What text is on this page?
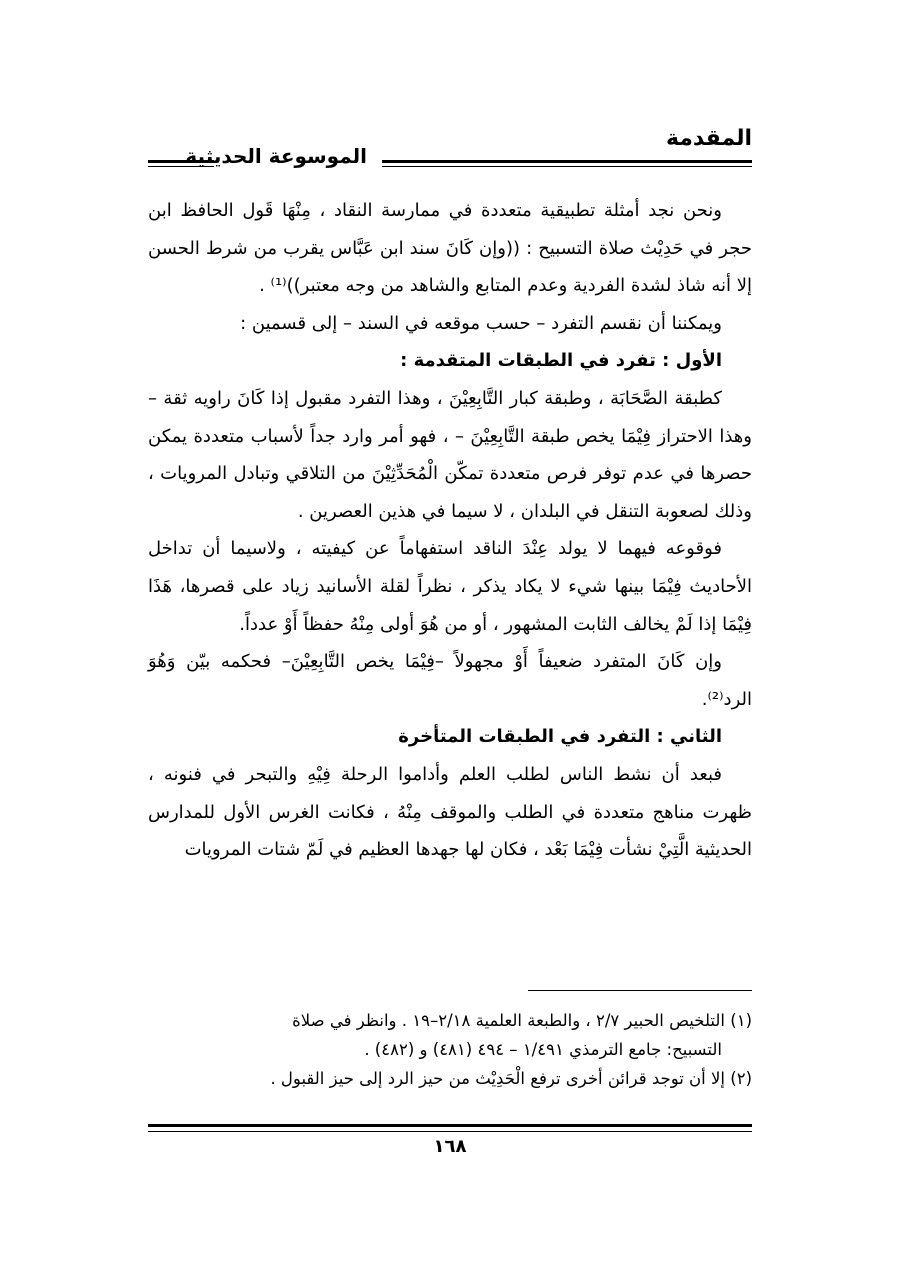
المقدمة
الموسوعة الحديثية

ونحن نجد أمثلة تطبيقية متعددة في ممارسة النقاد ، مِنْهَا قَول الحافظ ابن حجر في حَدِيْث صلاة التسبيح : ((وإن كَانَ سند ابن عَبَّاس يقرب من شرط الحسن إلا أنه شاذ لشدة الفردية وعدم المتابع والشاهد من وجه معتبر))⁽¹⁾ .

ويمكننا أن نقسم التفرد – حسب موقعه في السند – إلى قسمين :

الأول : تفرد في الطبقات المتقدمة :

كطبقة الصَّحَابَة ، وطبقة كبار التَّابِعِيْنَ ، وهذا التفرد مقبول إذا كَانَ راويه ثقة – وهذا الاحتراز فِيْمَا يخص طبقة التَّابِعِيْنَ – ، فهو أمر وارد جداً لأسباب متعددة يمكن حصرها في عدم توفر فرص متعددة تمكّن الْمُحَدِّثِيْنَ من التلاقي وتبادل المرويات ، وذلك لصعوبة التنقل في البلدان ، لا سيما في هذين العصرين .

فوقوعه فيهما لا يولد عِنْدَ الناقد استفهاماً عن كيفيته ، ولاسيما أن تداخل الأحاديث فِيْمَا بينها شيء لا يكاد يذكر ، نظراً لقلة الأسانيد زياد على قصرها، هَذَا فِيْمَا إذا لَمْ يخالف الثابت المشهور ، أو من هُوَ أولى مِنْهُ حفظاً أَوْ عدداً.

وإن كَانَ المتفرد ضعيفاً أَوْ مجهولاً –فِيْمَا يخص التَّابِعِيْنَ– فحكمه بيّن وَهُوَ الرد⁽²⁾.

الثاني : التفرد في الطبقات المتأخرة

فبعد أن نشط الناس لطلب العلم وأداموا الرحلة فِيْهِ والتبحر في فنونه ، ظهرت مناهج متعددة في الطلب والموقف مِنْهُ ، فكانت الغرس الأول للمدارس الحديثية الَّتِيْ نشأت فِيْمَا بَعْد ، فكان لها جهدها العظيم في لَمّ شتات المرويات

(١) التلخيص الحبير ٢/٧ ، والطبعة العلمية ٢/١٨–١٩ . وانظر في صلاة

التسبيح: جامع الترمذي ١/٤٩١ – ٤٩٤ (٤٨١) و (٤٨٢) .

(٢) إلا أن توجد قرائن أخرى ترفع الْحَدِيْث من حيز الرد إلى حيز القبول .

١٦٨
